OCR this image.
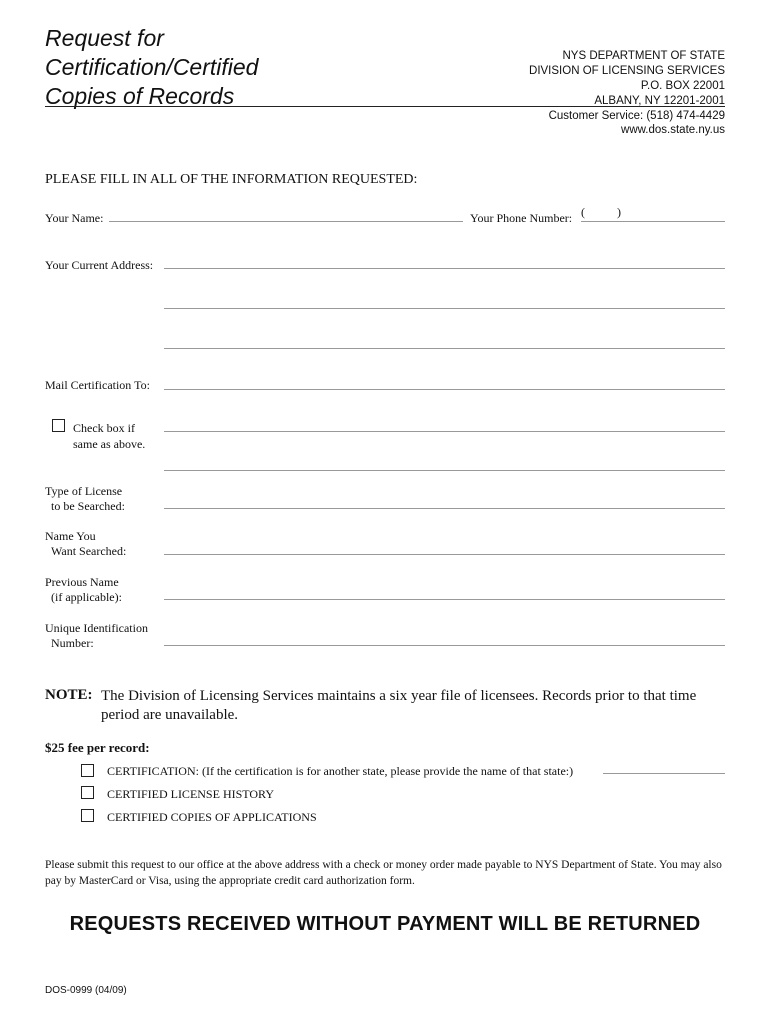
Request for
Certification/Certified
Copies of Records
NYS DEPARTMENT OF STATE
DIVISION OF LICENSING SERVICES
P.O. BOX 22001
ALBANY, NY 12201-2001
Customer Service: (518) 474-4429
www.dos.state.ny.us
PLEASE FILL IN ALL OF THE INFORMATION REQUESTED:
Your Name:	Your Phone Number: (	)
Your Current Address:
Mail Certification To:
Check box if
same as above.
Type of License
to be Searched:
Name You
Want Searched:
Previous Name
(if applicable):
Unique Identification
Number:
NOTE: The Division of Licensing Services maintains a six year file of licensees. Records prior to that time period are unavailable.
$25 fee per record:
CERTIFICATION: (If the certification is for another state, please provide the name of that state:)
CERTIFIED LICENSE HISTORY
CERTIFIED COPIES OF APPLICATIONS
Please submit this request to our office at the above address with a check or money order made payable to NYS Department of State. You may also pay by MasterCard or Visa, using the appropriate credit card authorization form.
REQUESTS RECEIVED WITHOUT PAYMENT WILL BE RETURNED
DOS-0999 (04/09)
